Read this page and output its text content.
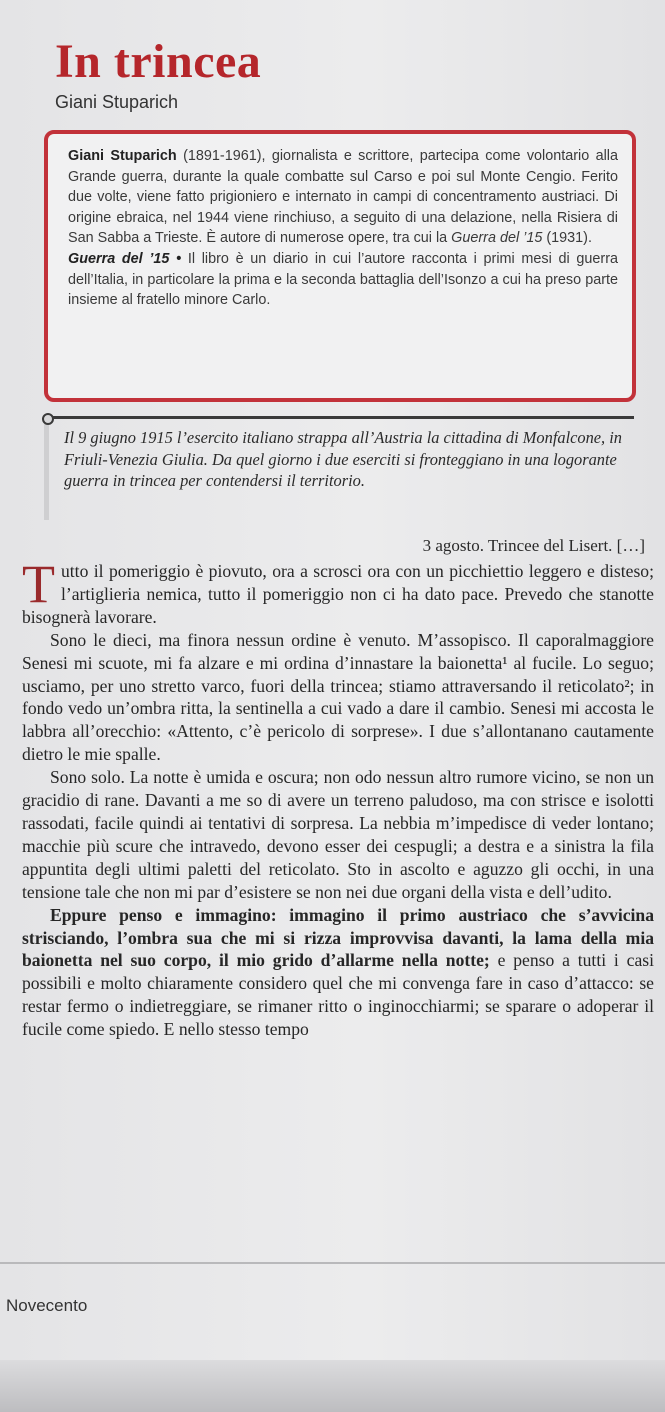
In trincea
Giani Stuparich

Giani Stuparich (1891-1961), giornalista e scrittore, partecipa come volontario alla Grande guerra, durante la quale combatte sul Carso e poi sul Monte Cengio. Ferito due volte, viene fatto prigioniero e internato in campi di concentramento austriaci. Di origine ebraica, nel 1944 viene rinchiuso, a seguito di una delazione, nella Risiera di San Sabba a Trieste. È autore di numerose opere, tra cui la Guerra del ’15 (1931).

Guerra del ’15 • Il libro è un diario in cui l’autore racconta i primi mesi di guerra dell’Italia, in particolare la prima e la seconda battaglia dell’Isonzo a cui ha preso parte insieme al fratello minore Carlo.

Il 9 giugno 1915 l’esercito italiano strappa all’Austria la cittadina di Monfalcone, in Friuli-Venezia Giulia. Da quel giorno i due eserciti si fronteggiano in una logorante guerra in trincea per contendersi il territorio.
3 agosto. Trincee del Lisert. […]

Tutto il pomeriggio è piovuto, ora a scrosci ora con un picchiettio leggero e disteso; l’artiglieria nemica, tutto il pomeriggio non ci ha dato pace. Prevedo che stanotte bisognerà lavorare.

Sono le dieci, ma finora nessun ordine è venuto. M’assopisco. Il caporalmaggiore Senesi mi scuote, mi fa alzare e mi ordina d’innastare la baionetta¹ al fucile. Lo seguo; usciamo, per uno stretto varco, fuori della trincea; stiamo attraversando il reticolato²; in fondo vedo un’ombra ritta, la sentinella a cui vado a dare il cambio. Senesi mi accosta le labbra all’orecchio: «Attento, c’è pericolo di sorprese». I due s’allontanano cautamente dietro le mie spalle.

Sono solo. La notte è umida e oscura; non odo nessun altro rumore vicino, se non un gracidio di rane. Davanti a me so di avere un terreno paludoso, ma con strisce e isolotti rassodati, facile quindi ai tentativi di sorpresa. La nebbia m’impedisce di veder lontano; macchie più scure che intravedo, devono esser dei cespugli; a destra e a sinistra la fila appuntita degli ultimi paletti del reticolato. Sto in ascolto e aguzzo gli occhi, in una tensione tale che non mi par d’esistere se non nei due organi della vista e dell’udito.

Eppure penso e immagino: immagino il primo austriaco che s’avvicina strisciando, l’ombra sua che mi si rizza improvvisa davanti, la lama della mia baionetta nel suo corpo, il mio grido d’allarme nella notte; e penso a tutti i casi possibili e molto chiaramente considero quel che mi convenga fare in caso d’attacco: se restar fermo o indietreggiare, se rimaner ritto o inginocchiarmi; se sparare o adoperar il fucile come spiedo. E nello stesso tempo

Novecento
